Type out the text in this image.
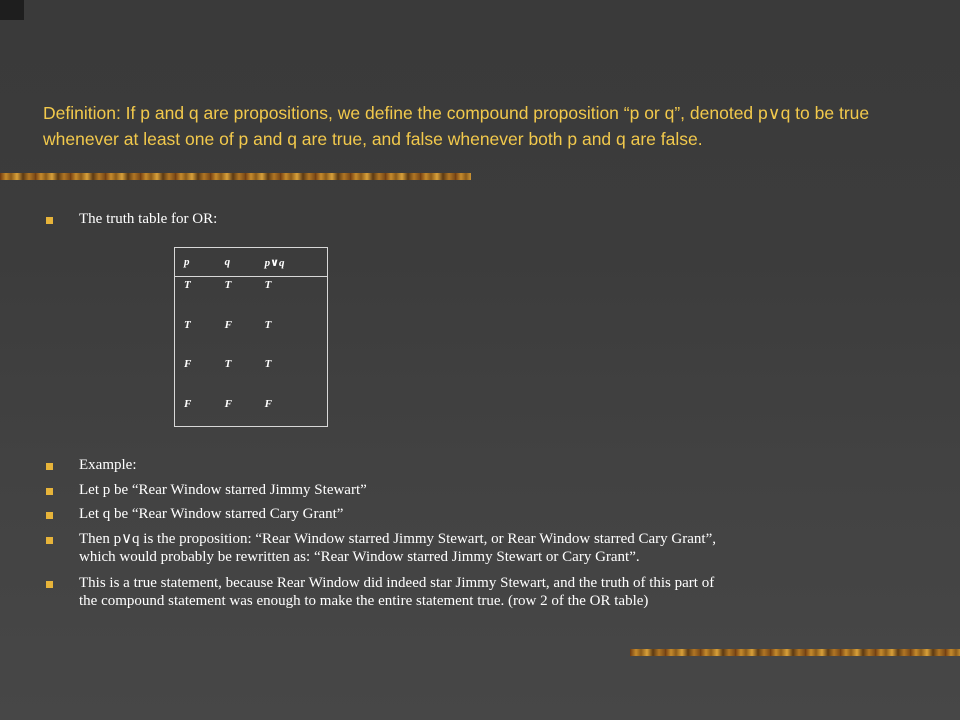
Definition: If p and q are propositions, we define the compound proposition “p or q”, denoted p∨q to be true whenever at least one of p and q are true, and false whenever both p and q are false.

The truth table for OR:

p	q	p∨q
T	T	T
T	F	T
F	T	T
F	F	F

Example:

Let p be “Rear Window starred Jimmy Stewart”

Let q be “Rear Window starred Cary Grant”

Then p∨q is the proposition: “Rear Window starred Jimmy Stewart, or Rear Window starred Cary Grant”,

which would probably be rewritten as: “Rear Window starred Jimmy Stewart or Cary Grant”.

This is a true statement, because Rear Window did indeed star Jimmy Stewart, and the truth of this part of

the compound statement was enough to make the entire statement true. (row 2 of the OR table)
